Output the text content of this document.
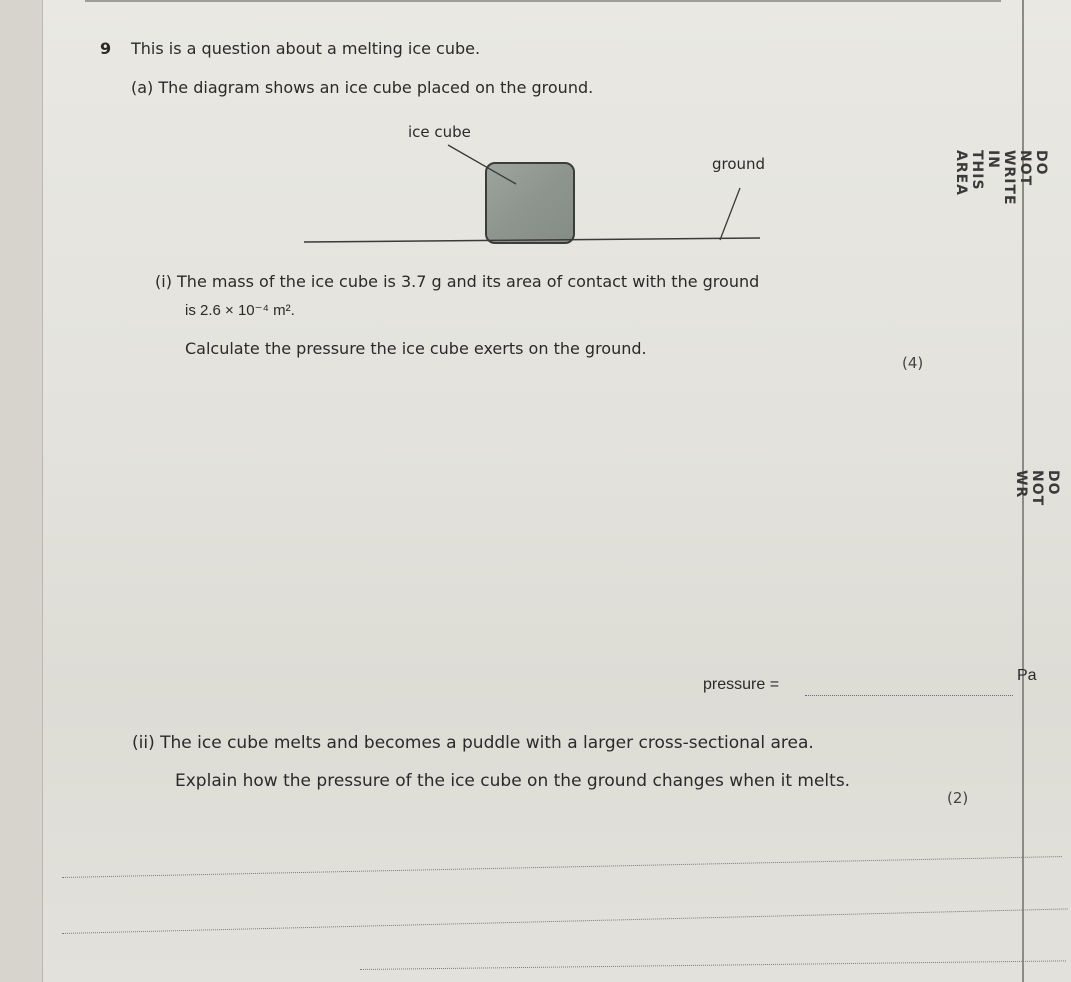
9 This is a question about a melting ice cube.
(a) The diagram shows an ice cube placed on the ground.
ice cube
ground
(i) The mass of the ice cube is 3.7 g and its area of contact with the ground
is 2.6 × 10⁻⁴ m².
Calculate the pressure the ice cube exerts on the ground.
(4)
pressure =
Pa
(ii) The ice cube melts and becomes a puddle with a larger cross-sectional area.
Explain how the pressure of the ice cube on the ground changes when it melts.
(2)
DO NOT WRITE IN THIS AREA
DO NOT WR
